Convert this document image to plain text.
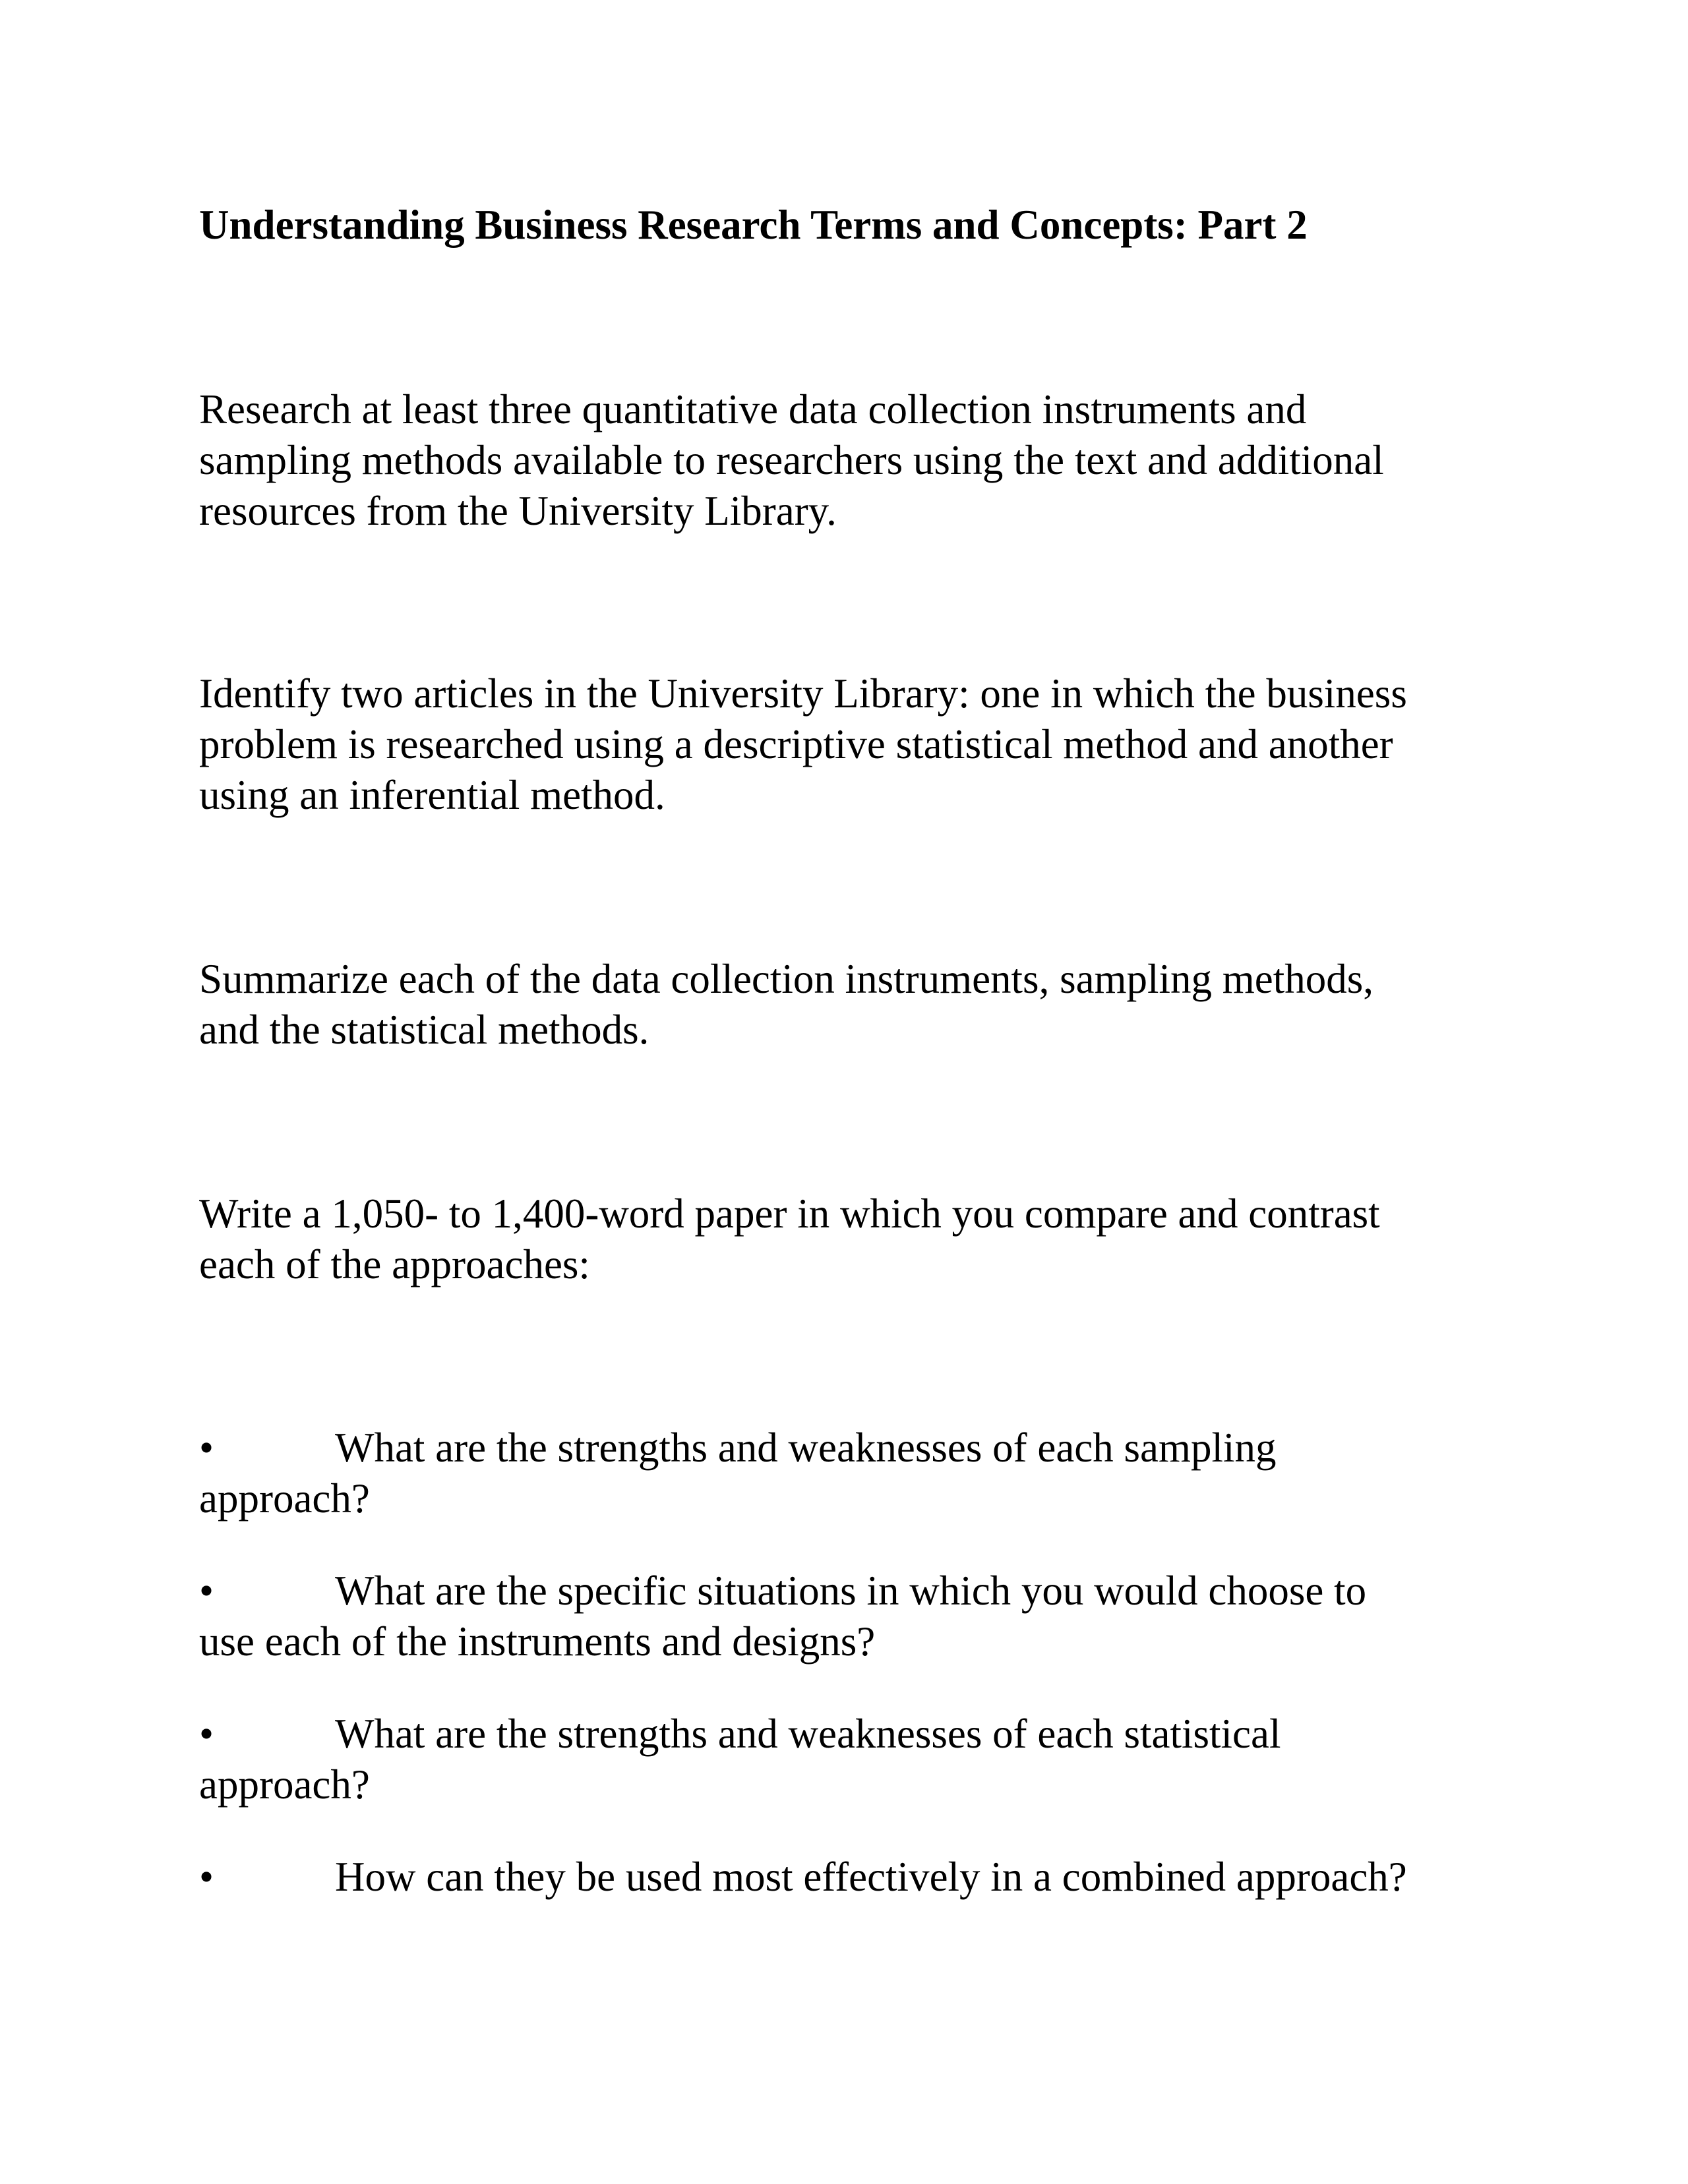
Understanding Business Research Terms and Concepts: Part 2

Research at least three quantitative data collection instruments and
sampling methods available to researchers using the text and additional
resources from the University Library.

Identify two articles in the University Library: one in which the business
problem is researched using a descriptive statistical method and another
using an inferential method.

Summarize each of the data collection instruments, sampling methods,
and the statistical methods.

Write a 1,050- to 1,400-word paper in which you compare and contrast
each of the approaches:

•	What are the strengths and weaknesses of each sampling
approach?
•	What are the specific situations in which you would choose to
use each of the instruments and designs?
•	What are the strengths and weaknesses of each statistical
approach?
•	How can they be used most effectively in a combined approach?
